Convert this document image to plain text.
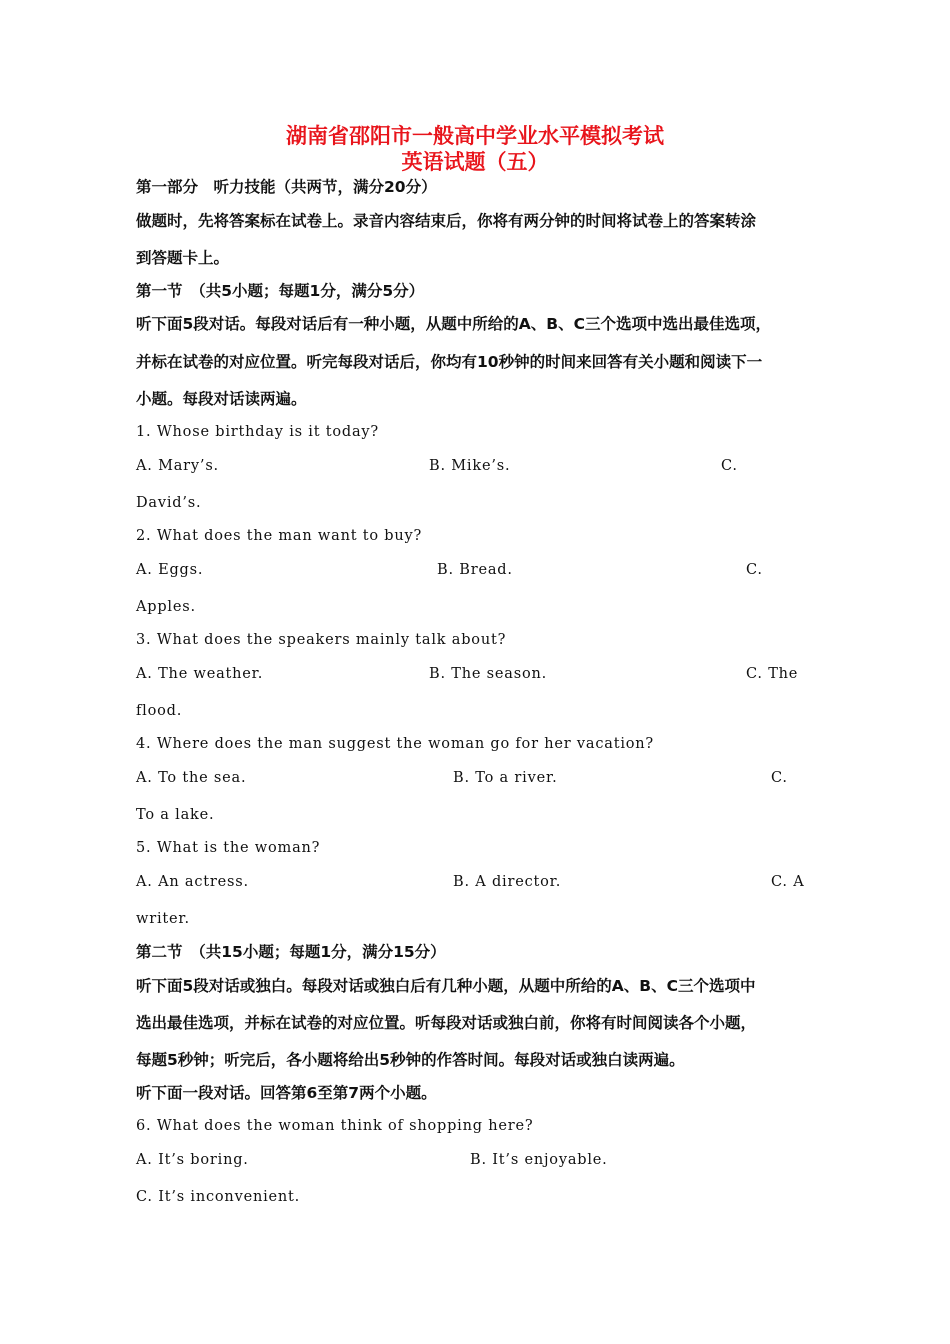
湖南省邵阳市一般高中学业水平模拟考试
英语试题（五）
第一部分　听力技能（共两节，满分20分）
做题时，先将答案标在试卷上。录音内容结束后，你将有两分钟的时间将试卷上的答案转涂
到答题卡上。
第一节　（共5小题；每题1分，满分5分）
听下面5段对话。每段对话后有一种小题，从题中所给的A、B、C三个选项中选出最佳选项，
并标在试卷的对应位置。听完每段对话后，你均有10秒钟的时间来回答有关小题和阅读下一
小题。每段对话读两遍。
1. Whose birthday is it today?
A. Mary’s.	B. Mike’s.	C.
David’s.
2. What does the man want to buy?
A. Eggs.	B. Bread.	C.
Apples.
3. What does the speakers mainly talk about?
A. The weather.	B. The season.	C. The
flood.
4. Where does the man suggest the woman go for her vacation?
A. To the sea.	B. To a river.	C.
To a lake.
5. What is the woman?
A. An actress.	B. A director.	C. A
writer.
第二节　（共15小题；每题1分，满分15分）
听下面5段对话或独白。每段对话或独白后有几种小题，从题中所给的A、B、C三个选项中
选出最佳选项，并标在试卷的对应位置。听每段对话或独白前，你将有时间阅读各个小题，
每题5秒钟；听完后，各小题将给出5秒钟的作答时间。每段对话或独白读两遍。
听下面一段对话。回答第6至第7两个小题。
6. What does the woman think of shopping here?
A. It’s boring.	B. It’s enjoyable.
C. It’s inconvenient.
